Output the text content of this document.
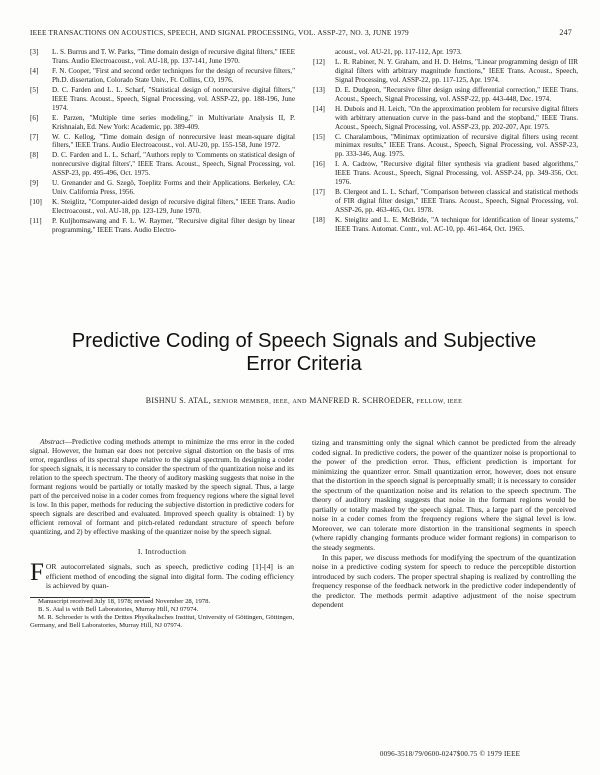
IEEE TRANSACTIONS ON ACOUSTICS, SPEECH, AND SIGNAL PROCESSING, VOL. ASSP-27, NO. 3, JUNE 1979	247
[3]	L. S. Burrus and T. W. Parks, "Time domain design of recursive digital filters," IEEE Trans. Audio Electroacoust., vol. AU-18, pp. 137-141, June 1970.
[4]	F. N. Cooper, "First and second order techniques for the design of recursive filters," Ph.D. dissertation, Colorado State Univ., Ft. Collins, CO, 1976.
[5]	D. C. Farden and L. L. Scharf, "Statistical design of nonrecursive digital filters," IEEE Trans. Acoust., Speech, Signal Processing, vol. ASSP-22, pp. 188-196, June 1974.
[6]	E. Parzen, "Multiple time series modeling," in Multivariate Analysis II, P. Krishnaiah, Ed. New York: Academic, pp. 389-409.
[7]	W. C. Kellog, "Time domain design of nonrecursive least mean-square digital filters," IEEE Trans. Audio Electroacoust., vol. AU-20, pp. 155-158, June 1972.
[8]	D. C. Farden and L. L. Scharf, "Authors reply to 'Comments on statistical design of nonrecursive digital filters'," IEEE Trans. Acoust., Speech, Signal Processing, vol. ASSP-23, pp. 495-496, Oct. 1975.
[9]	U. Grenander and G. Szegö, Toeplitz Forms and their Applications. Berkeley, CA: Univ. California Press, 1956.
[10]	K. Steiglitz, "Computer-aided design of recursive digital filters," IEEE Trans. Audio Electroacoust., vol. AU-18, pp. 123-129, June 1970.
[11]	P. Kuljhomsawang and F. L. W. Raymer, "Recursive digital filter design by linear programming," IEEE Trans. Audio Electro-
acoust., vol. AU-21, pp. 117-112, Apr. 1973.
[12]	L. R. Rabiner, N. Y. Graham, and H. D. Helms, "Linear programming design of IIR digital filters with arbitrary magnitude functions," IEEE Trans. Acoust., Speech, Signal Processing, vol. ASSP-22, pp. 117-125, Apr. 1974.
[13]	D. E. Dudgeon, "Recursive filter design using differential correction," IEEE Trans. Acoust., Speech, Signal Processing, vol. ASSP-22, pp. 443-448, Dec. 1974.
[14]	H. Dubois and H. Leich, "On the approximation problem for recursive digital filters with arbitrary attenuation curve in the pass-band and the stopband," IEEE Trans. Acoust., Speech, Signal Processing, vol. ASSP-23, pp. 202-207, Apr. 1975.
[15]	C. Charalambous, "Minimax optimization of recursive digital filters using recent minimax results," IEEE Trans. Acoust., Speech, Signal Processing, vol. ASSP-23, pp. 333-346, Aug. 1975.
[16]	I. A. Cadzow, "Recursive digital filter synthesis via gradient based algorithms," IEEE Trans. Acoust., Speech, Signal Processing, vol. ASSP-24, pp. 349-356, Oct. 1976.
[17]	B. Clergeot and L. L. Scharf, "Comparison between classical and statistical methods of FIR digital filter design," IEEE Trans. Acoust., Speech, Signal Processing, vol. ASSP-26, pp. 463-465, Oct. 1978.
[18]	K. Steiglitz and L. E. McBride, "A technique for identification of linear systems," IEEE Trans. Automat. Contr., vol. AC-10, pp. 461-464, Oct. 1965.
Predictive Coding of Speech Signals and Subjective
Error Criteria
BISHNU S. ATAL, SENIOR MEMBER, IEEE, AND MANFRED R. SCHROEDER, FELLOW, IEEE

Abstract—Predictive coding methods attempt to minimize the rms error in the coded signal. However, the human ear does not perceive signal distortion on the basis of rms error, regardless of its spectral shape relative to the signal spectrum. In designing a coder for speech signals, it is necessary to consider the spectrum of the quantization noise and its relation to the speech spectrum. The theory of auditory masking suggests that noise in the formant regions would be partially or totally masked by the speech signal. Thus, a large part of the perceived noise in a coder comes from frequency regions where the signal level is low. In this paper, methods for reducing the subjective distortion in predictive coders for speech signals are described and evaluated. Improved speech quality is obtained: 1) by efficient removal of formant and pitch-related redundant structure of speech before quantizing, and 2) by effective masking of the quantizer noise by the speech signal.

I. Introduction

FOR autocorrelated signals, such as speech, predictive coding [1]-[4] is an efficient method of encoding the signal into digital form. The coding efficiency is achieved by quan-

Manuscript received July 18, 1978; revised November 28, 1978.

B. S. Atal is with Bell Laboratories, Murray Hill, NJ 07974.

M. R. Schroeder is with the Drittes Physikalisches Institut, University of Göttingen, Göttingen, Germany, and Bell Laboratories, Murray Hill, NJ 07974.

tizing and transmitting only the signal which cannot be predicted from the already coded signal. In predictive coders, the power of the quantizer noise is proportional to the power of the prediction error. Thus, efficient prediction is important for minimizing the quantizer error. Small quantization error, however, does not ensure that the distortion in the speech signal is perceptually small; it is necessary to consider the spectrum of the quantization noise and its relation to the speech spectrum. The theory of auditory masking suggests that noise in the formant regions would be partially or totally masked by the speech signal. Thus, a large part of the perceived noise in a coder comes from the frequency regions where the signal level is low. Moreover, we can tolerate more distortion in the transitional segments in speech (where rapidly changing formants produce wider formant regions) in comparison to the steady segments.

In this paper, we discuss methods for modifying the spectrum of the quantization noise in a predictive coding system for speech to reduce the perceptible distortion introduced by such coders. The proper spectral shaping is realized by controlling the frequency response of the feedback network in the predictive coder independently of the predictor. The methods permit adaptive adjustment of the noise spectrum dependent

0096-3518/79/0600-0247$00.75 © 1979 IEEE
